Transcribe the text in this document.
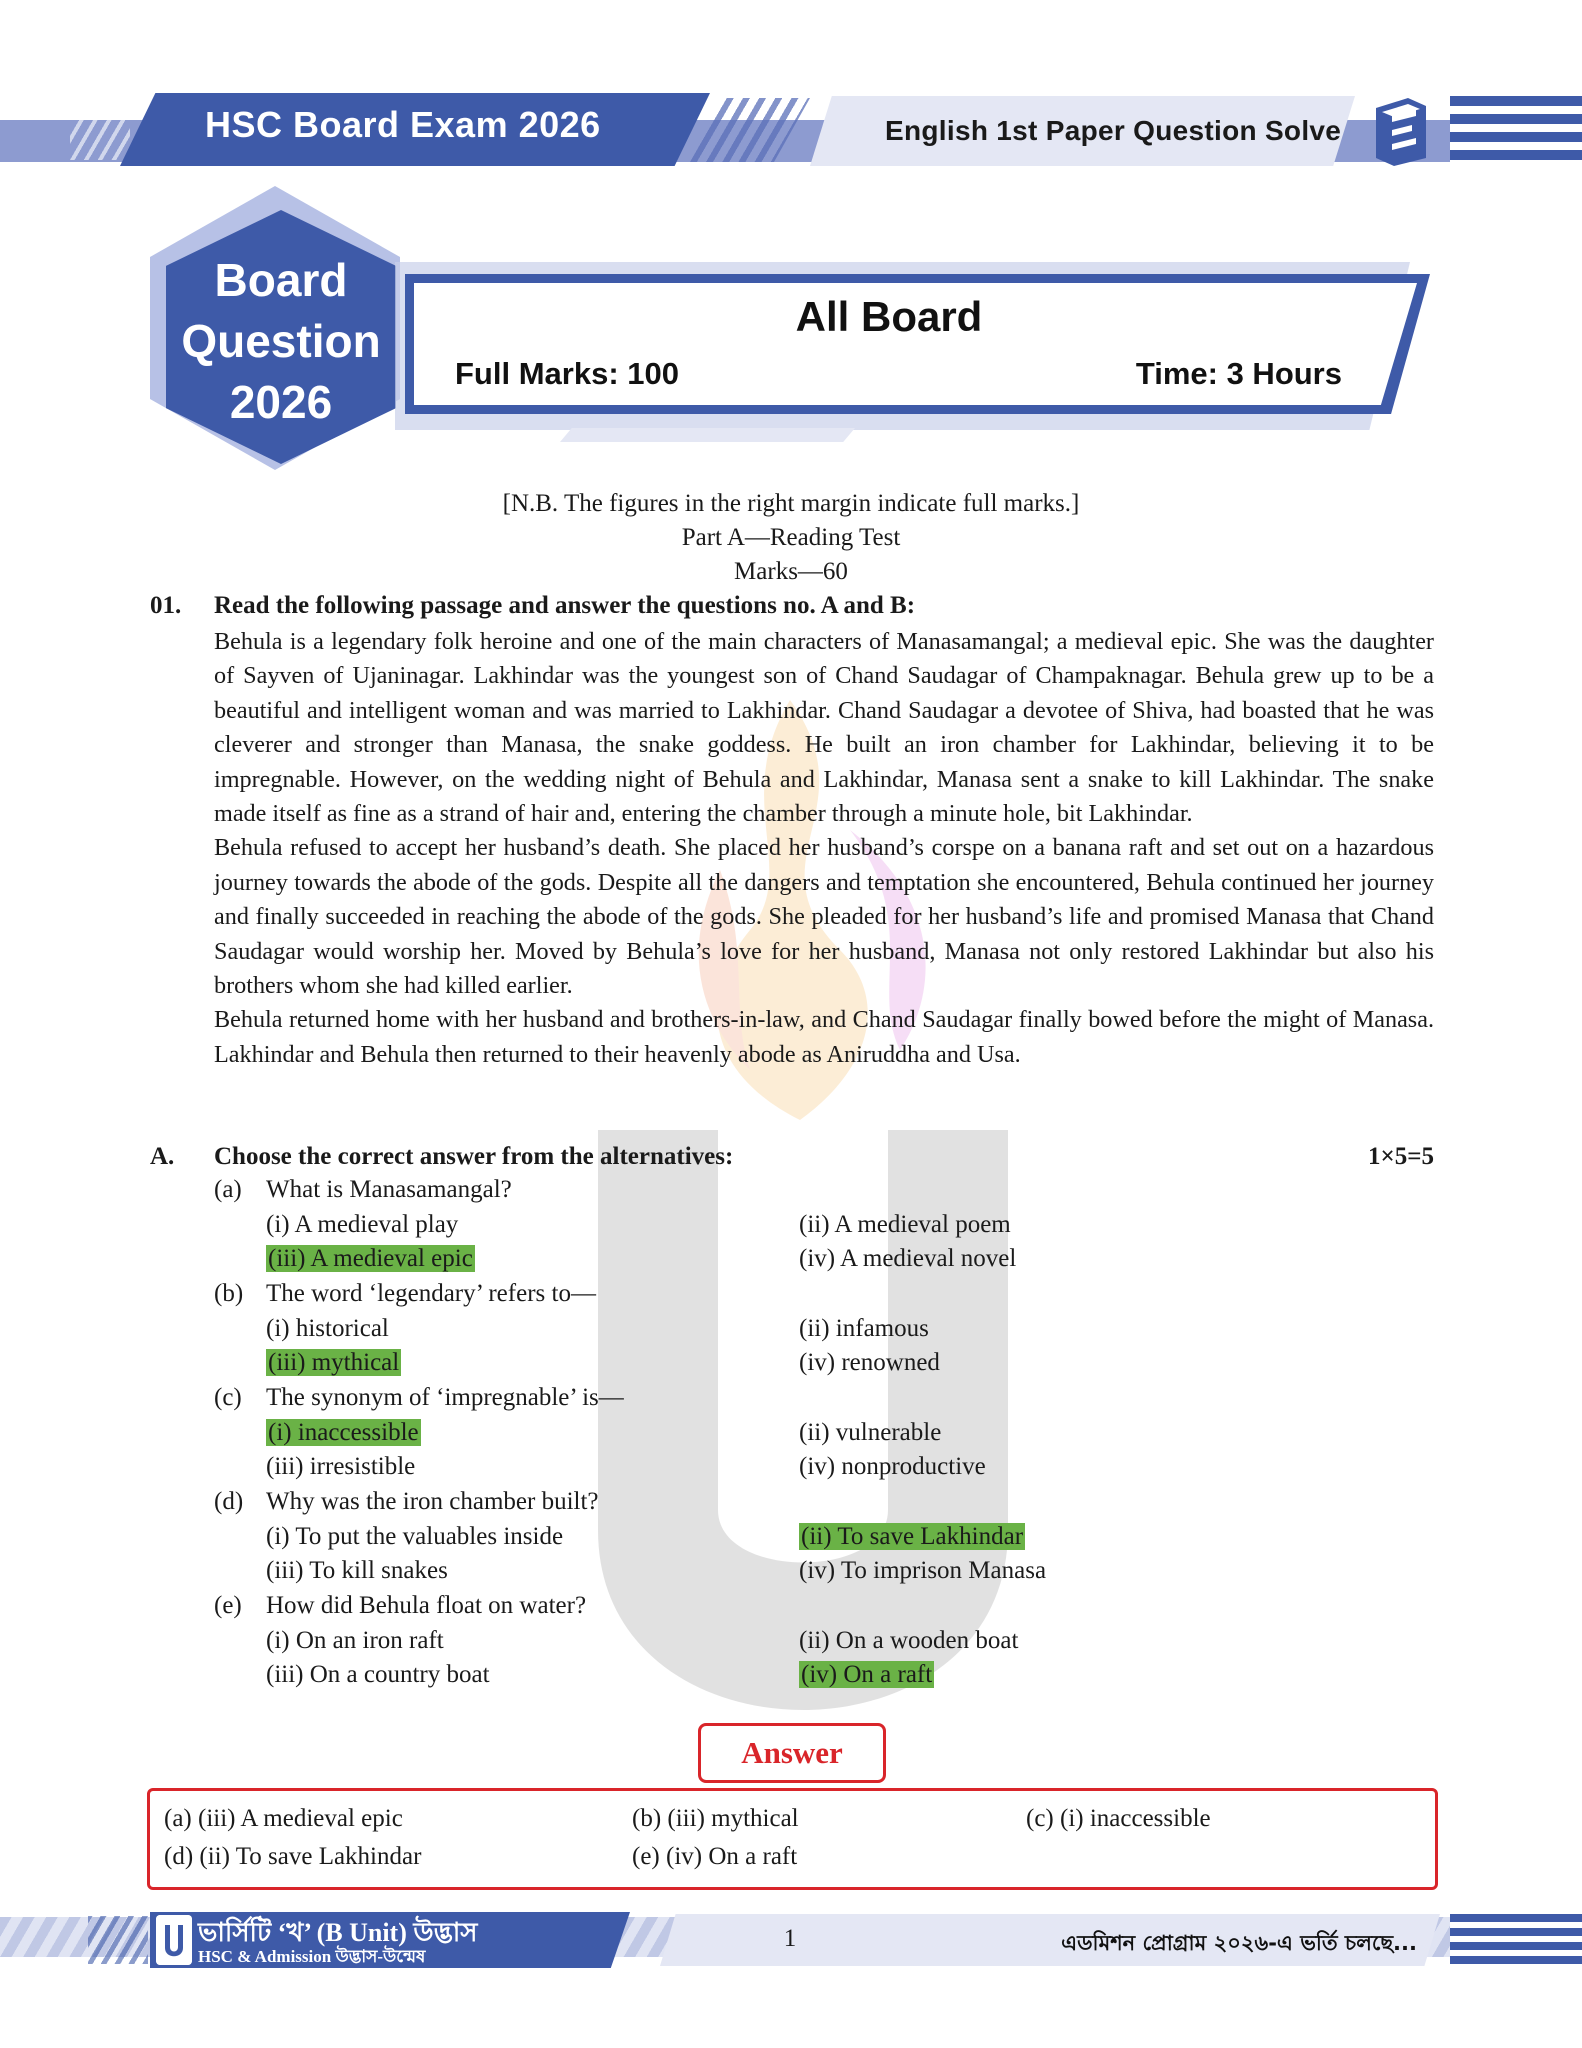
HSC Board Exam 2026	English 1st Paper Question Solve
Board
Question
2026
All Board
Full Marks: 100	Time: 3 Hours
[N.B. The figures in the right margin indicate full marks.]
Part A—Reading Test
Marks—60
01. Read the following passage and answer the questions no. A and B:

Behula is a legendary folk heroine and one of the main characters of Manasamangal; a medieval epic. She was the daughter of Sayven of Ujaninagar. Lakhindar was the youngest son of Chand Saudagar of Champaknagar. Behula grew up to be a beautiful and intelligent woman and was married to Lakhindar. Chand Saudagar a devotee of Shiva, had boasted that he was cleverer and stronger than Manasa, the snake goddess. He built an iron chamber for Lakhindar, believing it to be impregnable. However, on the wedding night of Behula and Lakhindar, Manasa sent a snake to kill Lakhindar. The snake made itself as fine as a strand of hair and, entering the chamber through a minute hole, bit Lakhindar.

Behula refused to accept her husband’s death. She placed her husband’s corspe on a banana raft and set out on a hazardous journey towards the abode of the gods. Despite all the dangers and temptation she encountered, Behula continued her journey and finally succeeded in reaching the abode of the gods. She pleaded for her husband’s life and promised Manasa that Chand Saudagar would worship her. Moved by Behula’s love for her husband, Manasa not only restored Lakhindar but also his brothers whom she had killed earlier.

Behula returned home with her husband and brothers-in-law, and Chand Saudagar finally bowed before the might of Manasa. Lakhindar and Behula then returned to their heavenly abode as Aniruddha and Usa.

A. Choose the correct answer from the alternatives:	1×5=5
(a) What is Manasamangal?
(i) A medieval play	(ii) A medieval poem
(iii) A medieval epic	(iv) A medieval novel
(b) The word ‘legendary’ refers to—
(i) historical	(ii) infamous
(iii) mythical	(iv) renowned
(c) The synonym of ‘impregnable’ is—
(i) inaccessible	(ii) vulnerable
(iii) irresistible	(iv) nonproductive
(d) Why was the iron chamber built?
(i) To put the valuables inside	(ii) To save Lakhindar
(iii) To kill snakes	(iv) To imprison Manasa
(e) How did Behula float on water?
(i) On an iron raft	(ii) On a wooden boat
(iii) On a country boat	(iv) On a raft
Answer
(a) (iii) A medieval epic	(b) (iii) mythical	(c) (i) inaccessible
(d) (ii) To save Lakhindar	(e) (iv) On a raft
ভার্সিটি ‘খ’ (B Unit) উদ্ভাস
HSC & Admission উদ্ভাস-উন্মেষ
1	এডমিশন প্রোগ্রাম ২০২৬-এ ভর্তি চলছে...
